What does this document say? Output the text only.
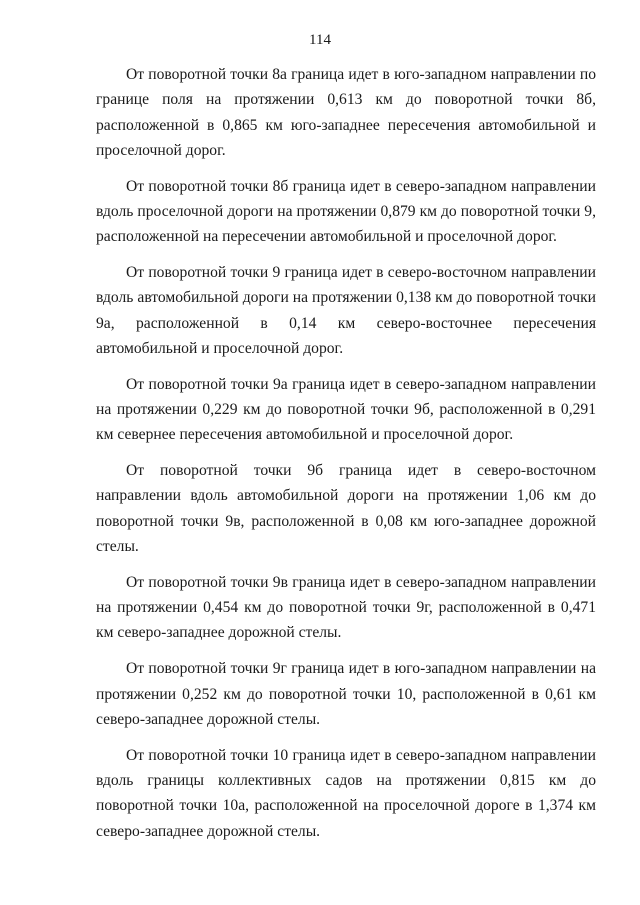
114

От поворотной точки 8а граница идет в юго-западном направлении по границе поля на протяжении 0,613 км до поворотной точки 8б, расположенной в 0,865 км юго-западнее пересечения автомобильной и проселочной дорог.

От поворотной точки 8б граница идет в северо-западном направлении вдоль проселочной дороги на протяжении 0,879 км до поворотной точки 9, расположенной на пересечении автомобильной и проселочной дорог.

От поворотной точки 9 граница идет в северо-восточном направлении вдоль автомобильной дороги на протяжении 0,138 км до поворотной точки 9а, расположенной в 0,14 км северо-восточнее пересечения автомобильной и проселочной дорог.

От поворотной точки 9а граница идет в северо-западном направлении на протяжении 0,229 км до поворотной точки 9б, расположенной в 0,291 км севернее пересечения автомобильной и проселочной дорог.

От поворотной точки 9б граница идет в северо-восточном направлении вдоль автомобильной дороги на протяжении 1,06 км до поворотной точки 9в, расположенной в 0,08 км юго-западнее дорожной стелы.

От поворотной точки 9в граница идет в северо-западном направлении на протяжении 0,454 км до поворотной точки 9г, расположенной в 0,471 км северо-западнее дорожной стелы.

От поворотной точки 9г граница идет в юго-западном направлении на протяжении 0,252 км до поворотной точки 10, расположенной в 0,61 км северо-западнее дорожной стелы.

От поворотной точки 10 граница идет в северо-западном направлении вдоль границы коллективных садов на протяжении 0,815 км до поворотной точки 10а, расположенной на проселочной дороге в 1,374 км северо-западнее дорожной стелы.
